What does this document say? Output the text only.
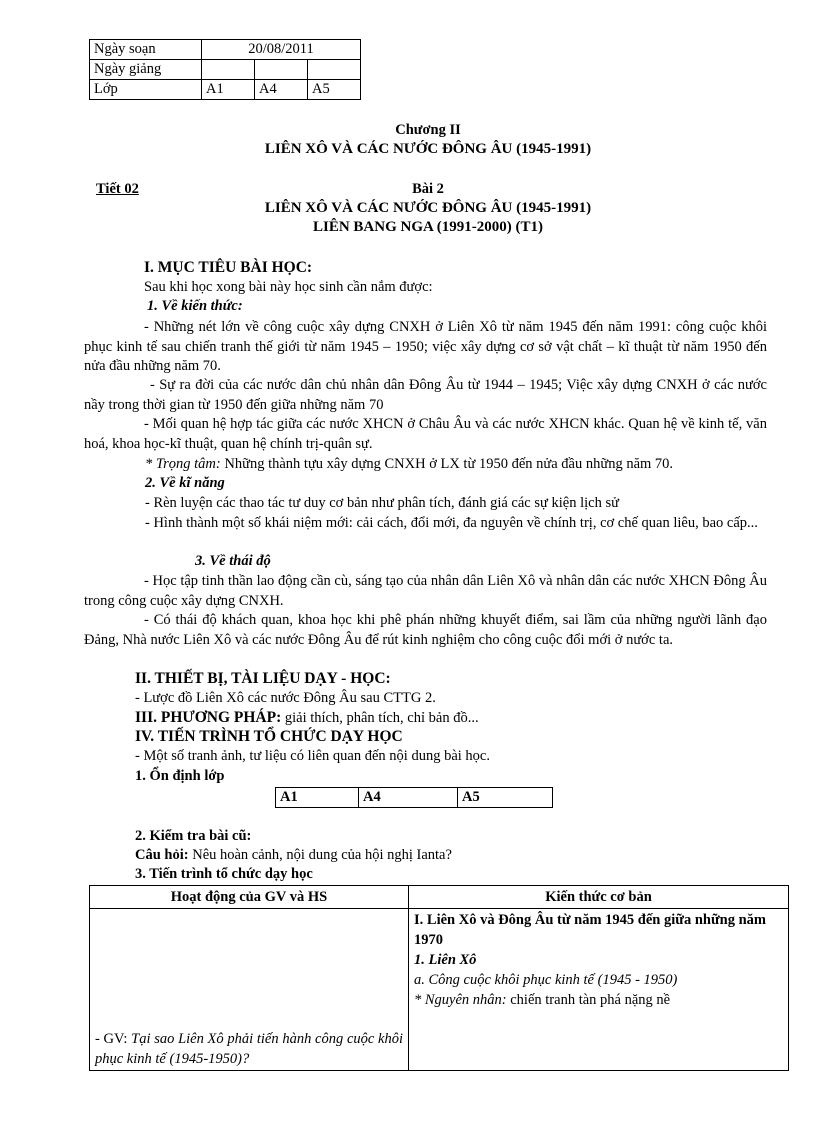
Ngày soạn	20/08/2011		
Ngày giảng			
Lớp	A1	A4	A5
Chương II
LIÊN XÔ VÀ CÁC NƯỚC ĐÔNG ÂU (1945-1991)
Tiết 02	Bài 2
LIÊN XÔ VÀ CÁC NƯỚC ĐÔNG ÂU (1945-1991)
LIÊN BANG NGA (1991-2000) (T1)
I. MỤC TIÊU BÀI HỌC:
Sau khi học xong bài này học sinh cần nắm được:
1. Về kiến thức:
- Những nét lớn về công cuộc xây dựng CNXH ở Liên Xô từ năm 1945 đến năm 1991: công cuộc khôi phục kinh tế sau chiến tranh thế giới từ năm 1945 – 1950; việc xây dựng cơ sở vật chất – kĩ thuật từ năm 1950 đến nửa đầu những năm 70.
- Sự ra đời của các nước dân chủ nhân dân Đông Âu từ 1944 – 1945; Việc xây dựng CNXH ở các nước nầy trong thời gian từ 1950 đến giữa những năm 70
- Mối quan hệ hợp tác giữa các nước XHCN ở Châu Âu và các nước XHCN khác. Quan hệ về kinh tế, văn hoá, khoa học-kĩ thuật, quan hệ chính trị-quân sự.
* Trọng tâm: Những thành tựu xây dựng CNXH ở LX từ 1950 đến nửa đầu những năm 70.
2. Về kĩ năng
- Rèn luyện các thao tác tư duy cơ bản như phân tích, đánh giá các sự kiện lịch sử
- Hình thành một số khái niệm mới: cải cách, đổi mới, đa nguyên về chính trị, cơ chế quan liêu, bao cấp...
3. Về thái độ
- Học tập tinh thần lao động cần cù, sáng tạo của nhân dân Liên Xô và nhân dân các nước XHCN Đông Âu trong công cuộc xây dựng CNXH.
- Có thái độ khách quan, khoa học khi phê phán những khuyết điểm, sai lầm của những người lãnh đạo Đảng, Nhà nước Liên Xô và các nước Đông Âu để rút kinh nghiệm cho công cuộc đổi mới ở nước ta.
II. THIẾT BỊ, TÀI LIỆU DẠY - HỌC:
- Lược đồ Liên Xô các nước Đông Âu sau CTTG 2.
III. PHƯƠNG PHÁP: giải thích, phân tích, chỉ bản đồ...
IV. TIẾN TRÌNH TỔ CHỨC DẠY HỌC
- Một số tranh ảnh, tư liệu có liên quan đến nội dung bài học.
1. Ổn định lớp
A1	A4	A5
2. Kiểm tra bài cũ:
Câu hỏi: Nêu hoàn cảnh, nội dung của hội nghị Ianta?
3. Tiến trình tổ chức dạy học
Hoạt động của GV và HS	Kiến thức cơ bản
- GV: Tại sao Liên Xô phải tiến hành công cuộc khôi phục kinh tế (1945-1950)?	I. Liên Xô và Đông Âu từ năm 1945 đến giữa những năm 1970
1. Liên Xô
a. Công cuộc khôi phục kinh tế (1945 - 1950)
* Nguyên nhân: chiến tranh tàn phá nặng nề
